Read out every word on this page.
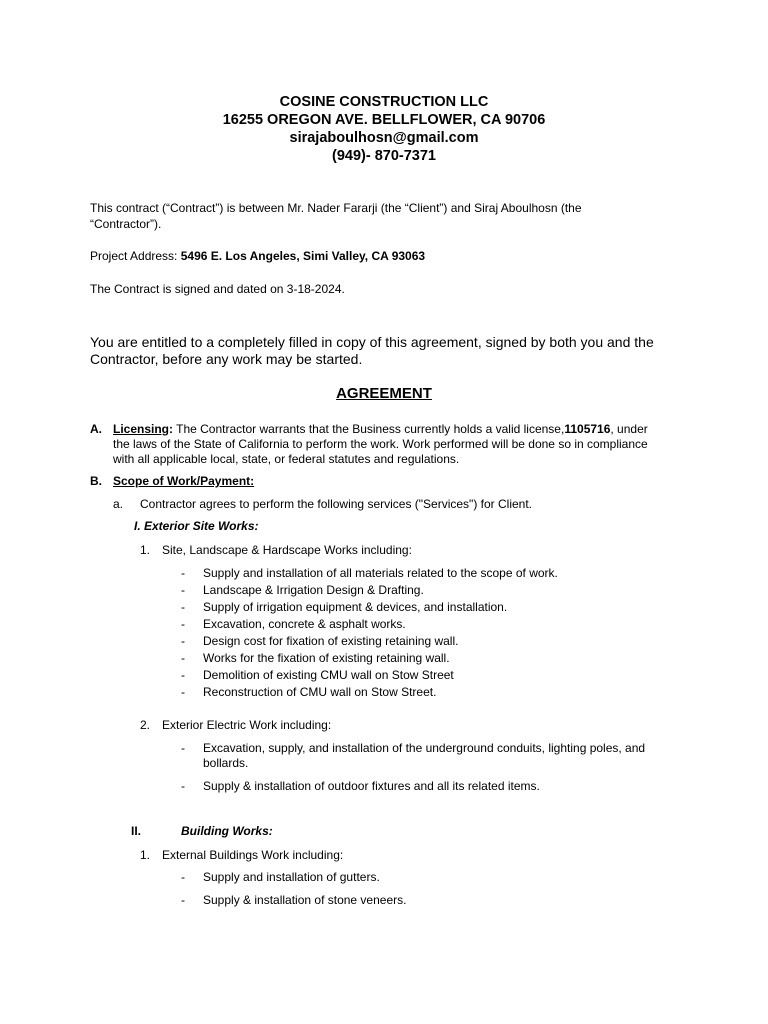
COSINE CONSTRUCTION LLC
16255 OREGON AVE. BELLFLOWER, CA 90706
sirajaboulhosn@gmail.com
(949)- 870-7371
This contract (“Contract”) is between Mr. Nader Fararji (the “Client”) and Siraj Aboulhosn (the
“Contractor”).
Project Address: 5496 E. Los Angeles, Simi Valley, CA 93063
The Contract is signed and dated on 3-18-2024.
You are entitled to a completely filled in copy of this agreement, signed by both you and the
Contractor, before any work may be started.
AGREEMENT
A. Licensing: The Contractor warrants that the Business currently holds a valid license,1105716, under
the laws of the State of California to perform the work. Work performed will be done so in compliance
with all applicable local, state, or federal statutes and regulations.
B. Scope of Work/Payment:
a. Contractor agrees to perform the following services ("Services") for Client.
I. Exterior Site Works:
1. Site, Landscape & Hardscape Works including:
- Supply and installation of all materials related to the scope of work.
- Landscape & Irrigation Design & Drafting.
- Supply of irrigation equipment & devices, and installation.
- Excavation, concrete & asphalt works.
- Design cost for fixation of existing retaining wall.
- Works for the fixation of existing retaining wall.
- Demolition of existing CMU wall on Stow Street
- Reconstruction of CMU wall on Stow Street.
2. Exterior Electric Work including:
- Excavation, supply, and installation of the underground conduits, lighting poles, and
bollards.
- Supply & installation of outdoor fixtures and all its related items.
II.	Building Works:
1. External Buildings Work including:
- Supply and installation of gutters.
- Supply & installation of stone veneers.
